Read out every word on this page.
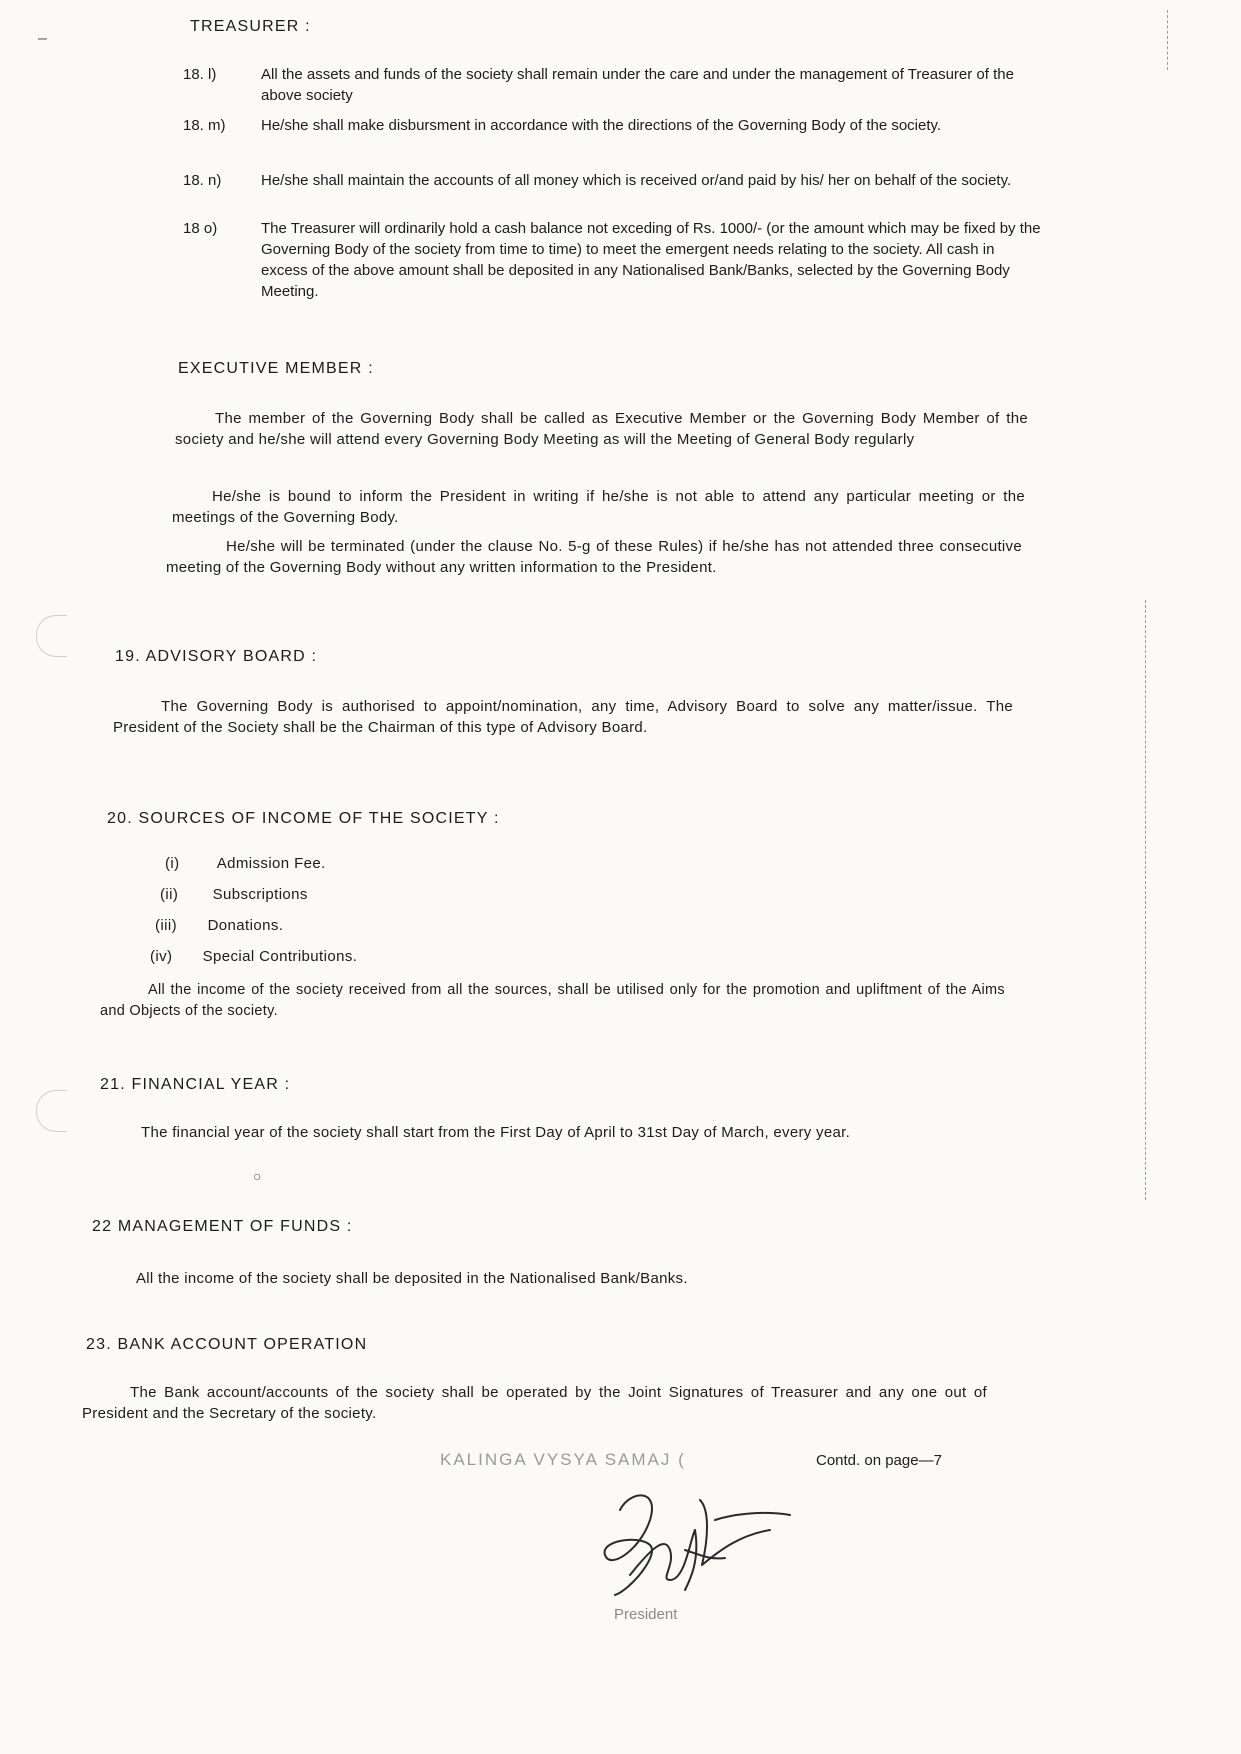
–
TREASURER :
18. l)	All the assets and funds of the society shall remain under the care and under the management of Treasurer of the above society
18. m)	He/she shall make disbursment in accordance with the directions of the Governing Body of the society.
18. n)	He/she shall maintain the accounts of all money which is received or/and paid by his/ her on behalf of the society.
18 o)	The Treasurer will ordinarily hold a cash balance not exceding of Rs. 1000/- (or the amount which may be fixed by the Governing Body of the society from time to time) to meet the emergent needs relating to the society. All cash in excess of the above amount shall be deposited in any Nationalised Bank/Banks, selected by the Governing Body Meeting.
EXECUTIVE MEMBER :
The member of the Governing Body shall be called as Executive Member or the Governing Body Member of the society and he/she will attend every Governing Body Meeting as will the Meeting of General Body regularly
He/she is bound to inform the President in writing if he/she is not able to attend any particular meeting or the meetings of the Governing Body.
He/she will be terminated (under the clause No. 5-g of these Rules) if he/she has not attended three consecutive meeting of the Governing Body without any written information to the President.
19. ADVISORY BOARD :
The Governing Body is authorised to appoint/nomination, any time, Advisory Board to solve any matter/issue. The President of the Society shall be the Chairman of this type of Advisory Board.
20. SOURCES OF INCOME OF THE SOCIETY :
(i) Admission Fee.
(ii) Subscriptions
(iii) Donations.
(iv) Special Contributions.
All the income of the society received from all the sources, shall be utilised only for the promotion and upliftment of the Aims and Objects of the society.
21. FINANCIAL YEAR :
The financial year of the society shall start from the First Day of April to 31st Day of March, every year.
○
22 MANAGEMENT OF FUNDS :
All the income of the society shall be deposited in the Nationalised Bank/Banks.
23. BANK ACCOUNT OPERATION
The Bank account/accounts of the society shall be operated by the Joint Signatures of Treasurer and any one out of President and the Secretary of the society.
KALINGA VYSYA SAMAJ (	Contd. on page—7
President
